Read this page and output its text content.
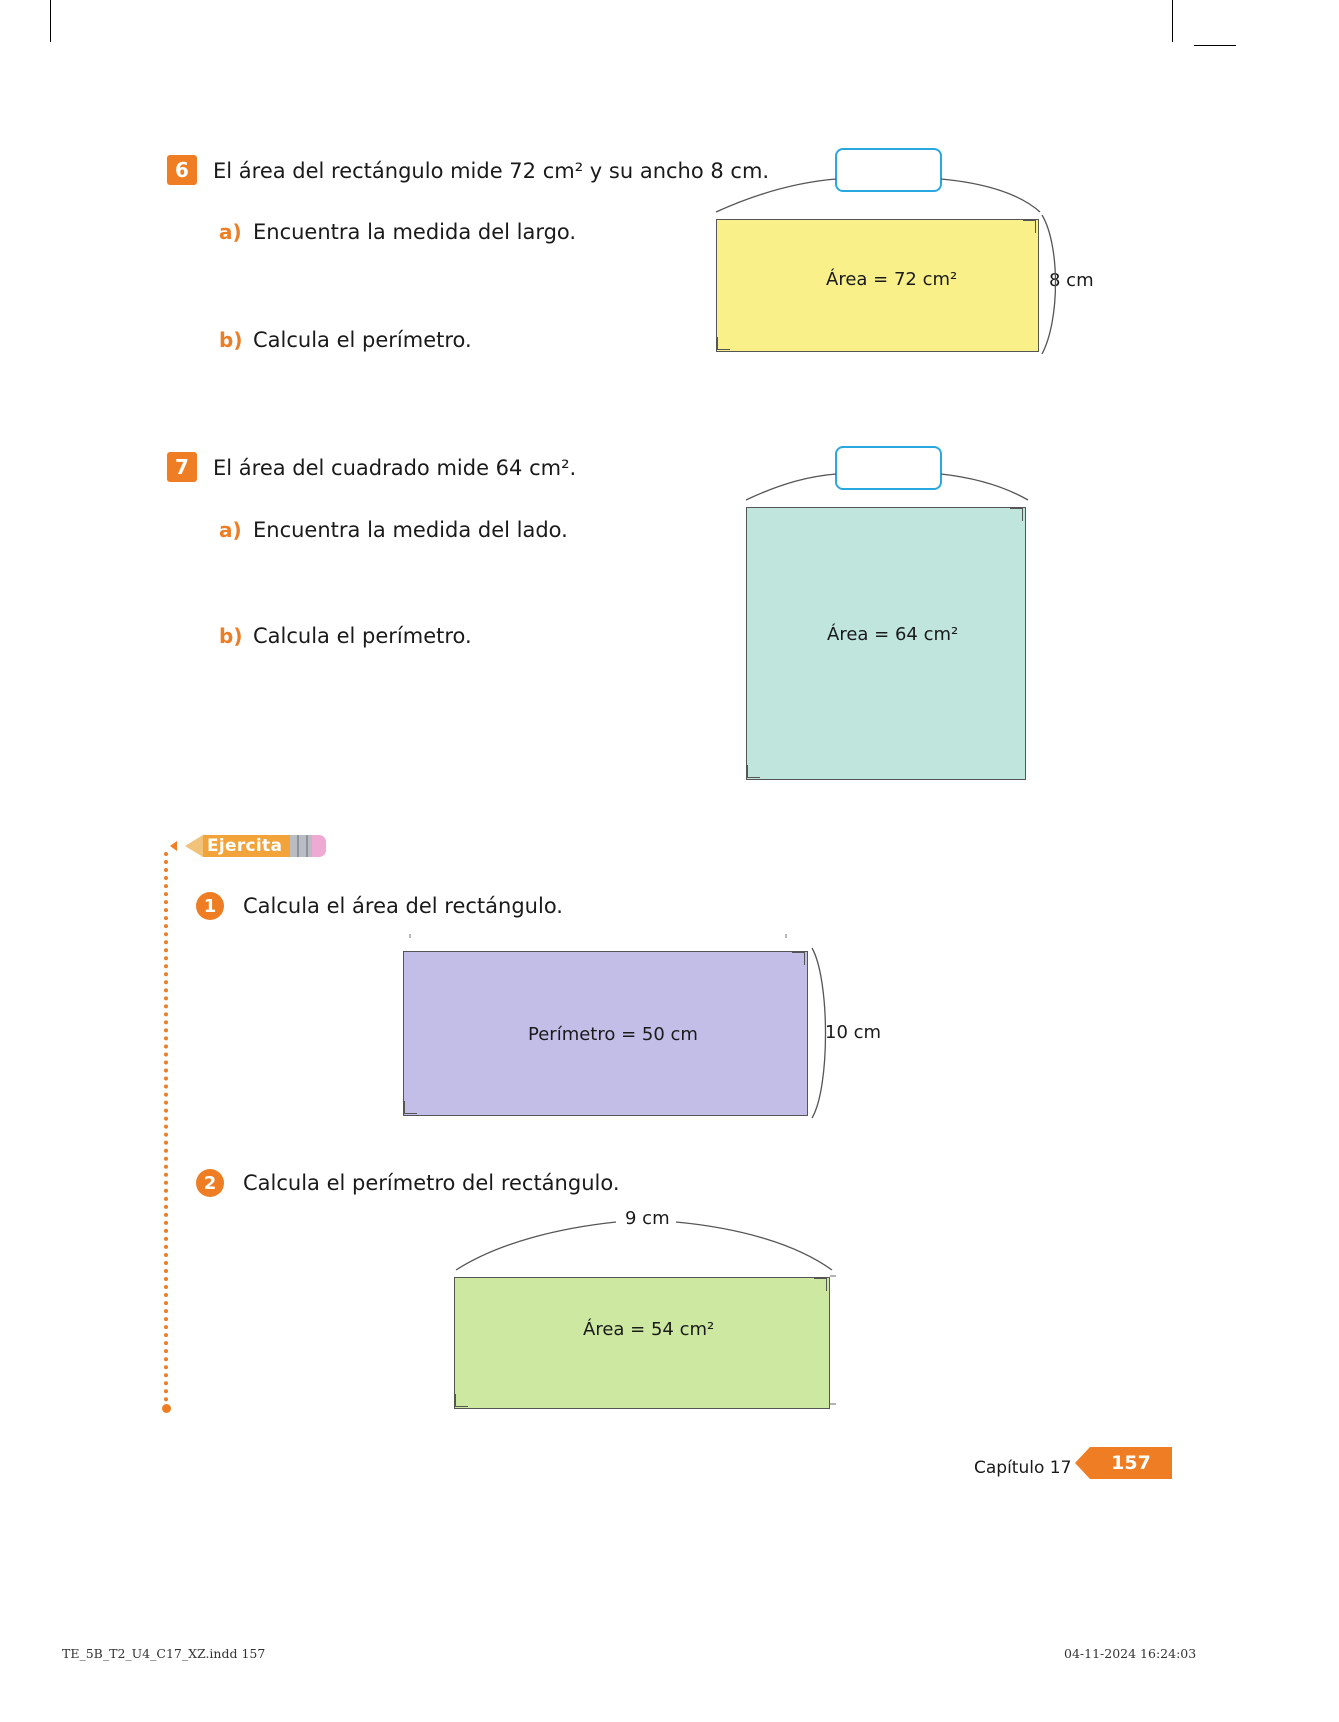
6	El área del rectángulo mide 72 cm² y su ancho 8 cm.
a) Encuentra la medida del largo.
b) Calcula el perímetro.
Área = 72 cm²	8 cm
7	El área del cuadrado mide 64 cm².
a) Encuentra la medida del lado.
b) Calcula el perímetro.	Área = 64 cm²
Ejercita
1	Calcula el área del rectángulo.
Perímetro = 50 cm	10 cm
2	Calcula el perímetro del rectángulo.
Área = 54 cm²
9 cm
Capítulo 17	157
TE_5B_T2_U4_C17_XZ.indd 157	04-11-2024 16:24:03
